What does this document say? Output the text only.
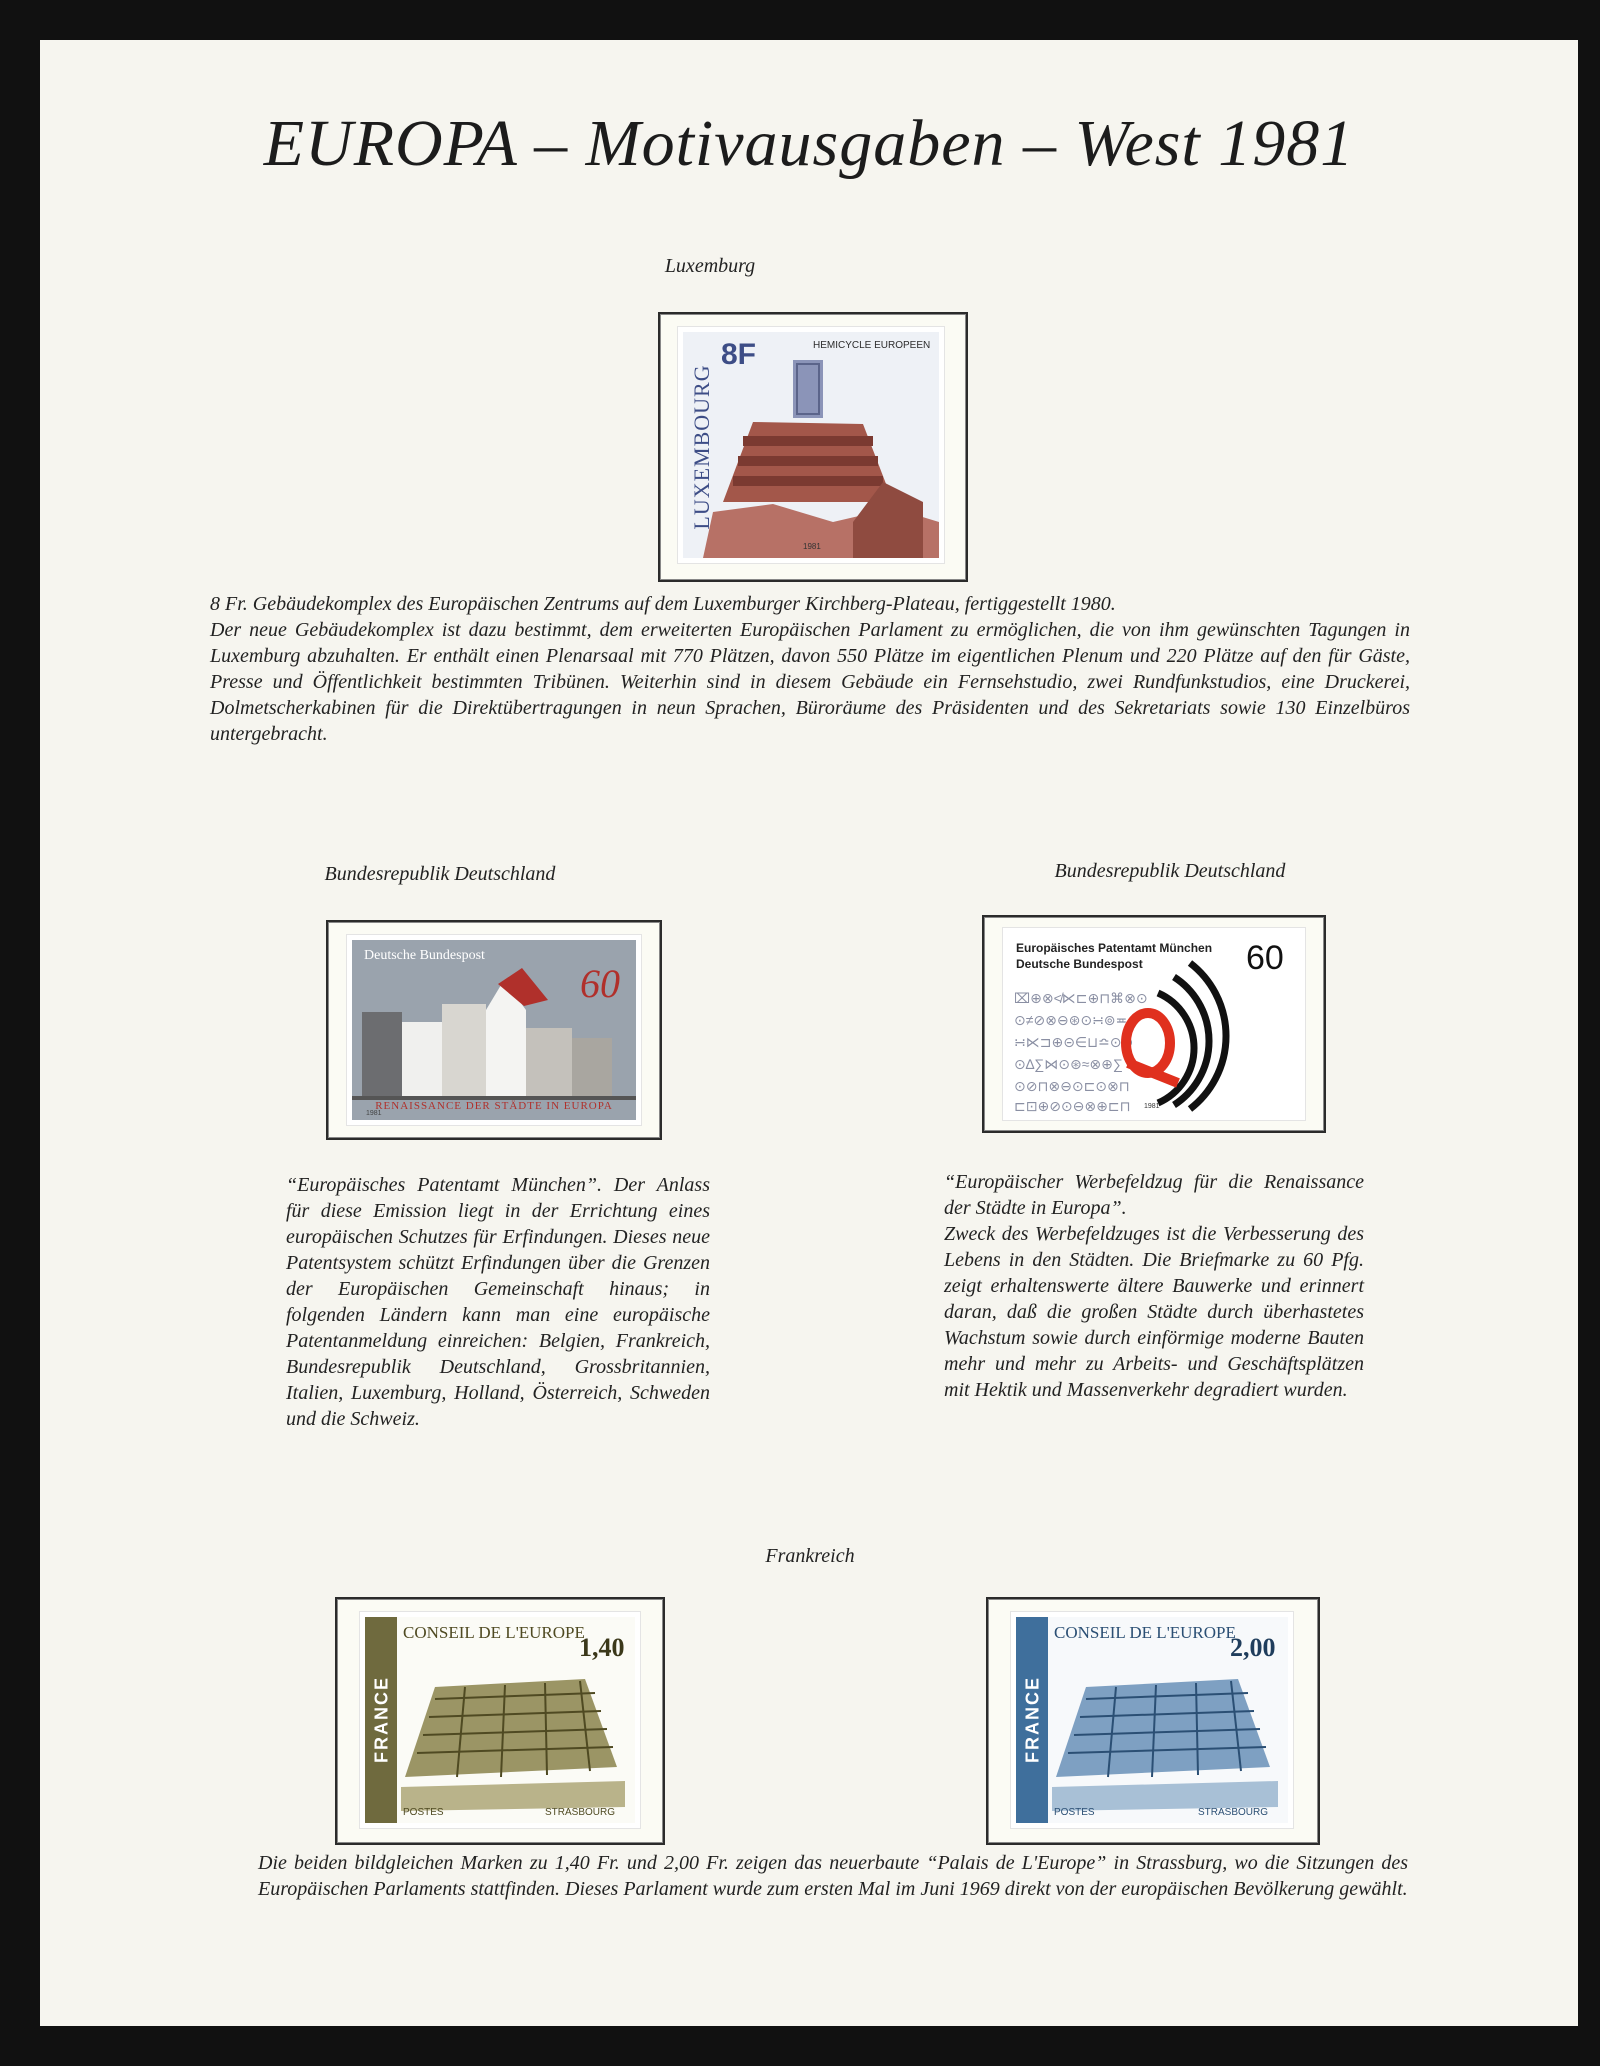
EUROPA – Motivausgaben – West 1981
Luxemburg
LUXEMBOURG
8F	HEMICYCLE EUROPEEN
1981

8 Fr. Gebäudekomplex des Europäischen Zentrums auf dem Luxemburger Kirchberg-Plateau, fertiggestellt 1980.
Der neue Gebäudekomplex ist dazu bestimmt, dem erweiterten Europäischen Parlament zu ermöglichen, die von ihm gewünschten Tagungen in Luxemburg abzuhalten. Er enthält einen Plenarsaal mit 770 Plätzen, davon 550 Plätze im eigentlichen Plenum und 220 Plätze auf den für Gäste, Presse und Öffentlichkeit bestimmten Tribünen. Weiterhin sind in diesem Gebäude ein Fernsehstudio, zwei Rundfunkstudios, eine Druckerei, Dolmetscherkabinen für die Direktübertragungen in neun Sprachen, Büroräume des Präsidenten und des Sekretariats sowie 130 Einzelbüros untergebracht.

Bundesrepublik Deutschland
Deutsche Bundespost
60
RENAISSANCE DER STÄDTE IN EUROPA
1981

“Europäisches Patentamt München”. Der Anlass für diese Emission liegt in der Errichtung eines europäischen Schutzes für Erfindungen. Dieses neue Patentsystem schützt Erfindungen über die Grenzen der Europäischen Gemeinschaft hinaus; in folgenden Ländern kann man eine europäische Patentanmeldung einreichen: Belgien, Frankreich, Bundesrepublik Deutschland, Grossbritannien, Italien, Luxemburg, Holland, Österreich, Schweden und die Schweiz.

Bundesrepublik Deutschland
⌧⊕⊗≮⋉⊏⊕⊓⌘⊗⊙
⊙≠⊘⊗⊖⊛⊙∺⊚≖
∺⋉⊐⊕⊝∈⊔≏⊙⊖
⊙∆∑⋈⊙⊛≈⊗⊕∑
⊙⊘⊓⊗⊖⊙⊏⊙⊗⊓
⊏⊡⊕⊘⊙⊖⊗⊕⊏⊓
Europäisches Patentamt München
Deutsche Bundespost	60
1981

“Europäischer Werbefeldzug für die Renaissance der Städte in Europa”.
Zweck des Werbefeldzuges ist die Verbesserung des Lebens in den Städten. Die Briefmarke zu 60 Pfg. zeigt erhaltenswerte ältere Bauwerke und erinnert daran, daß die großen Städte durch überhastetes Wachstum sowie durch einförmige moderne Bauten mehr und mehr zu Arbeits- und Geschäftsplätzen mit Hektik und Massenverkehr degradiert wurden.

Frankreich
FRANCE
CONSEIL DE L'EUROPE
1,40
POSTES	STRASBOURG
FRANCE
CONSEIL DE L'EUROPE
2,00
POSTES	STRASBOURG

Die beiden bildgleichen Marken zu 1,40 Fr. und 2,00 Fr. zeigen das neuerbaute “Palais de L'Europe” in Strassburg, wo die Sitzungen des Europäischen Parlaments stattfinden. Dieses Parlament wurde zum ersten Mal im Juni 1969 direkt von der europäischen Bevölkerung gewählt.
